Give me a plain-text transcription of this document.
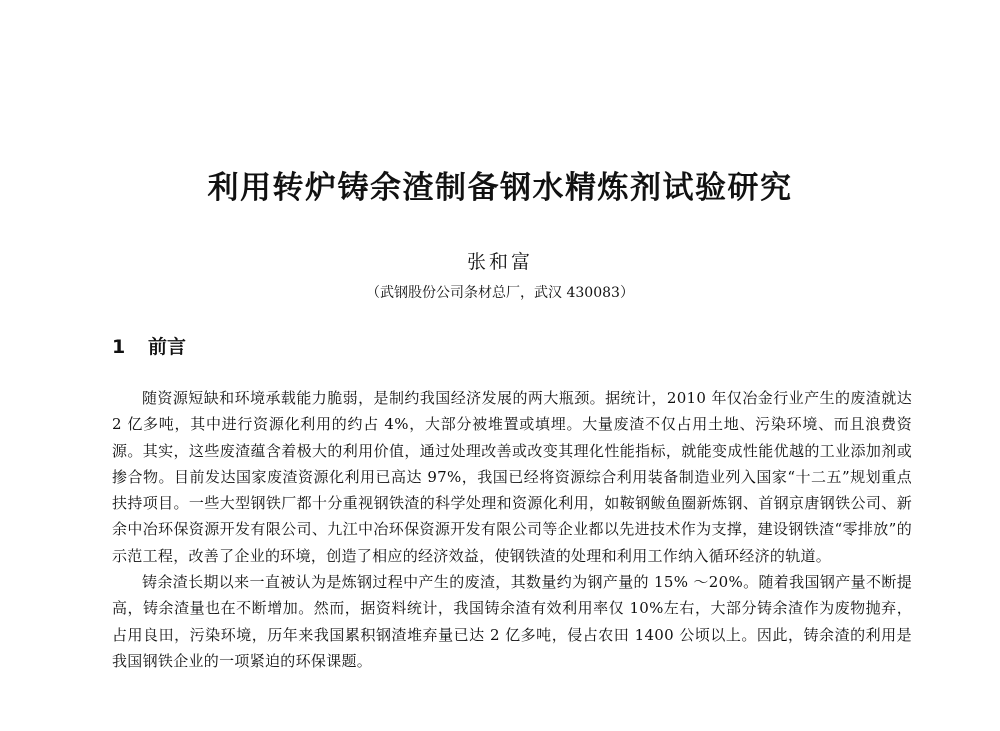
利用转炉铸余渣制备钢水精炼剂试验研究
张和富
（武钢股份公司条材总厂，武汉 430083）
1 前言

随资源短缺和环境承载能力脆弱，是制约我国经济发展的两大瓶颈。据统计，2010 年仅冶金行业产生的废渣就达 2 亿多吨，其中进行资源化利用的约占 4%，大部分被堆置或填埋。大量废渣不仅占用土地、污染环境、而且浪费资源。其实，这些废渣蕴含着极大的利用价值，通过处理改善或改变其理化性能指标，就能变成性能优越的工业添加剂或掺合物。目前发达国家废渣资源化利用已高达 97%，我国已经将资源综合利用装备制造业列入国家“十二五”规划重点扶持项目。一些大型钢铁厂都十分重视钢铁渣的科学处理和资源化利用，如鞍钢鲅鱼圈新炼钢、首钢京唐钢铁公司、新余中冶环保资源开发有限公司、九江中冶环保资源开发有限公司等企业都以先进技术作为支撑，建设钢铁渣“零排放”的示范工程，改善了企业的环境，创造了相应的经济效益，使钢铁渣的处理和利用工作纳入循环经济的轨道。

铸余渣长期以来一直被认为是炼钢过程中产生的废渣，其数量约为钢产量的 15% ～20%。随着我国钢产量不断提高，铸余渣量也在不断增加。然而，据资料统计，我国铸余渣有效利用率仅 10%左右，大部分铸余渣作为废物抛弃，占用良田，污染环境，历年来我国累积钢渣堆弃量已达 2 亿多吨，侵占农田 1400 公顷以上。因此，铸余渣的利用是我国钢铁企业的一项紧迫的环保课题。
